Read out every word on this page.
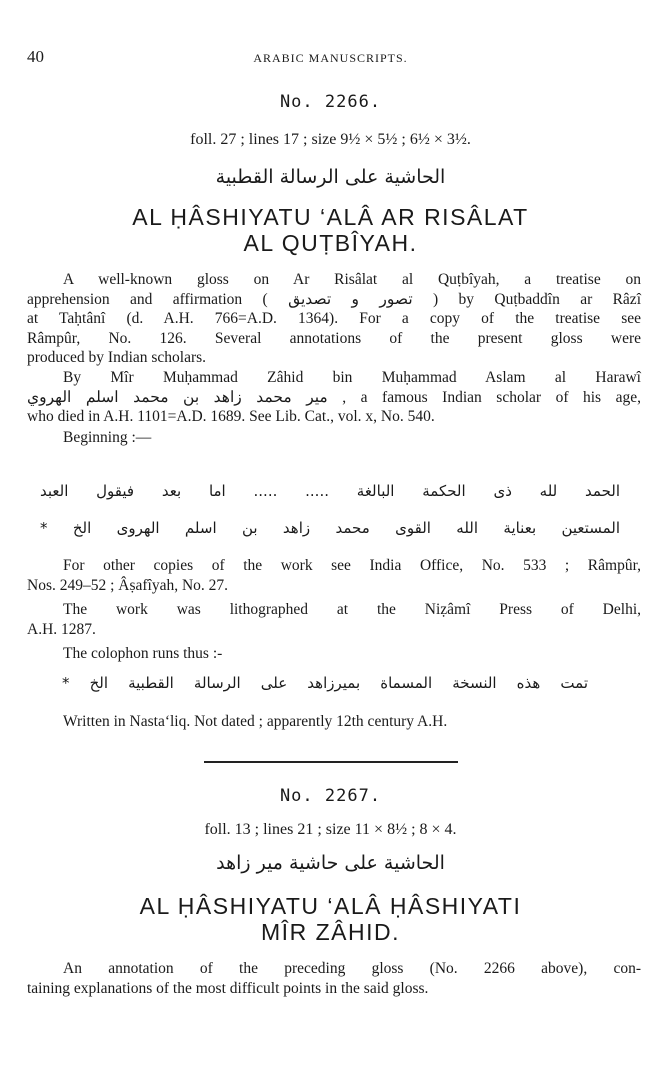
40	ARABIC MANUSCRIPTS.
No. 2266.
foll. 27 ; lines 17 ; size 9½ × 5½ ; 6½ × 3½.
الحاشية على الرسالة القطبية
AL ḤÂSHIYATU ‘ALÂ AR RISÂLAT
AL QUṬBÎYAH.
A well-known gloss on Ar Risâlat al Quṭbîyah, a treatise on
apprehension and affirmation ( تصور و تصديق ) by Quṭbaddîn ar Râzî
at Taḥtânî (d. A.H. 766=A.D. 1364). For a copy of the treatise see
Râmpûr, No. 126. Several annotations of the present gloss were
produced by Indian scholars.
By Mîr Muḥammad Zâhid bin Muḥammad Aslam al Harawî
مير محمد زاهد بن محمد اسلم الهروي , a famous Indian scholar of his age,
who died in A.H. 1101=A.D. 1689. See Lib. Cat., vol. x, No. 540.
Beginning :—
الحمد لله ذى الحكمة البالغة ..... ..... اما بعد فيقول العبد
المستعين بعناية الله القوى محمد زاهد بن اسلم الهروى الخ *
For other copies of the work see India Office, No. 533 ; Râmpûr,
Nos. 249–52 ; Âṣafîyah, No. 27.
The work was lithographed at the Niẓâmî Press of Delhi,
A.H. 1287.
The colophon runs thus :-
تمت هذه النسخة المسماة بميرزاهد على الرسالة القطبية الخ *
Written in Nasta‘liq. Not dated ; apparently 12th century A.H.
No. 2267.
foll. 13 ; lines 21 ; size 11 × 8½ ; 8 × 4.
الحاشية على حاشية مير زاهد
AL ḤÂSHIYATU ‘ALÂ ḤÂSHIYATI
MÎR ZÂHID.
An annotation of the preceding gloss (No. 2266 above), con-
taining explanations of the most difficult points in the said gloss.
